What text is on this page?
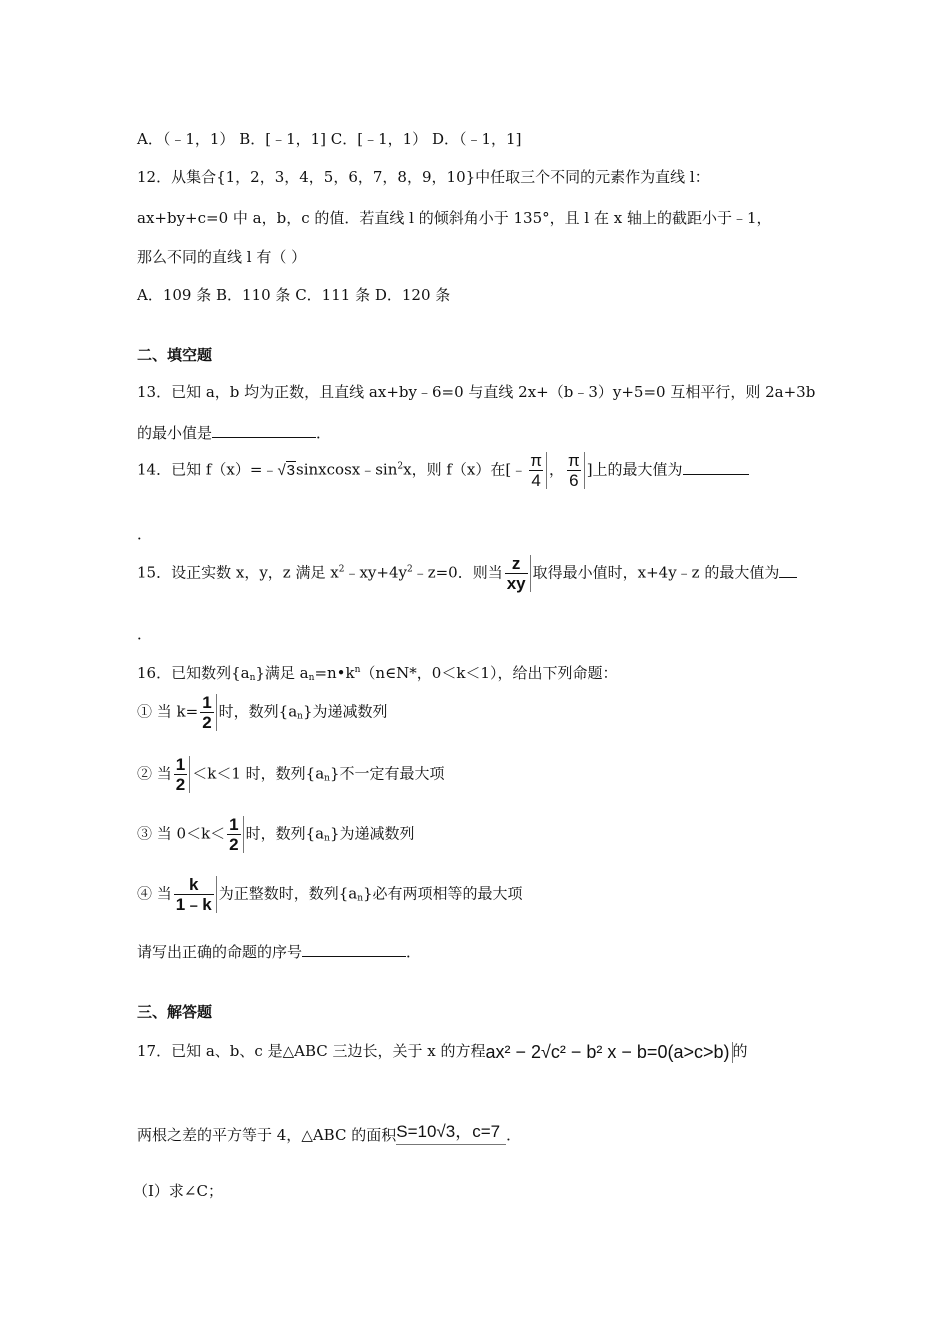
A．（﹣1，1） B．[﹣1，1] C．[﹣1，1） D．（﹣1，1]
12．从集合{1，2，3，4，5，6，7，8，9，10}中任取三个不同的元素作为直线 l：
ax+by+c=0 中 a，b，c 的值．若直线 l 的倾斜角小于 135°，且 l 在 x 轴上的截距小于﹣1，
那么不同的直线 l 有（ ）
A．109 条 B．110 条 C．111 条 D．120 条
二、填空题
13．已知 a，b 均为正数，且直线 ax+by﹣6=0 与直线 2x+（b﹣3）y+5=0 互相平行，则 2a+3b
的最小值是	．
14．已知 $f(x)=﹣√3sinxcosx﹣\sin^2x$，则 f（x）在[﹣ $\frac{\pi}{4}$ ， $\frac{\pi}{6}$ ]上的最大值为
．
15．设正实数 x，y，z 满足 $x^2﹣xy+4y^2﹣z=0$．则当 $\frac{z}{xy}$ 取得最小值时，x+4y﹣z 的最大值为
．
16．已知数列$\{a_n\}$满足 $a_n=n•k^n(n\in N*$，0＜k＜1），给出下列命题：
① 当 $k= \frac{1}{2}$ 时，数列$\{a_n\}$为递减数列
② 当 $\frac{1}{2} <k<1$ 时，数列$\{a_n\}$不一定有最大项
③ 当 $0<k< \frac{1}{2}$ 时，数列$\{a_n\}$为递减数列
④ 当 $\frac{k}{1﹣k}$ 为正整数时，数列$\{a_n\}$必有两项相等的最大项
请写出正确的命题的序号	．
三、解答题
17．已知 a、b、c 是△ABC 三边长，关于 x 的方程ax² − 2√c² − b² x − b=0(a>c>b) 的
两根之差的平方等于 4，△ABC 的面积S=10√3，c=7 ．
（I）求∠C；
